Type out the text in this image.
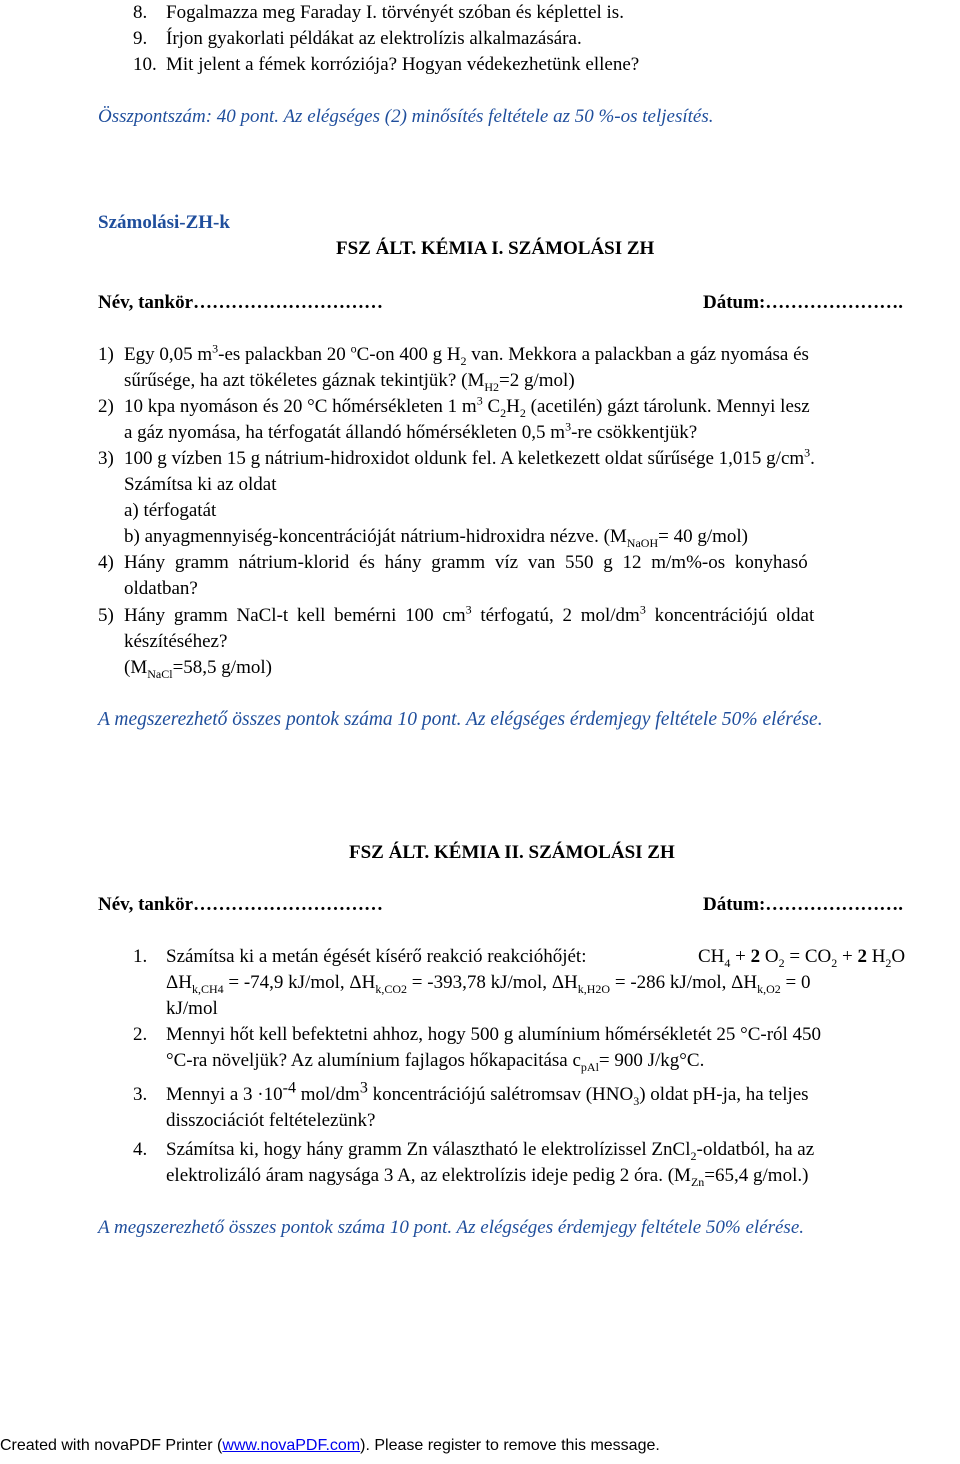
8. Fogalmazza meg Faraday I. törvényét szóban és képlettel is.
9. Írjon gyakorlati példákat az elektrolízis alkalmazására.
10. Mit jelent a fémek korróziója? Hogyan védekezhetünk ellene?
Összpontszám: 40 pont. Az elégséges (2) minősítés feltétele az 50 %-os teljesítés.
Számolási-ZH-k
FSZ ÁLT. KÉMIA I. SZÁMOLÁSI ZH
Név, tankör…………………………	Dátum:………………….
1) Egy 0,05 $m^3-es$ palackban 20 $^o$C-on 400 g $H_2$ van. Mekkora a palackban a gáz nyomása és
sűrűsége, ha azt tökéletes gáznak tekintjük? ($M_{H2}=2$ g/mol)
2) 10 kpa nyomáson és 20 °C hőmérsékleten 1 $m^3$ $C_2H_2$ (acetilén) gázt tárolunk. Mennyi lesz
a gáz nyomása, ha térfogatát állandó hőmérsékleten 0,5 $m^3-re$ csökkentjük?
3) 100 g vízben 15 g nátrium-hidroxidot oldunk fel. A keletkezett oldat sűrűsége 1,015 $g/cm^3$.
Számítsa ki az oldat
a) térfogatát
b) anyagmennyiség-koncentrációját nátrium-hidroxidra nézve. ($M_{NaOH}= 40$ g/mol)
4) Hány gramm nátrium-klorid és hány gramm víz van 550 g 12 m/m%-os konyhasó
oldatban?
5) Hány gramm NaCl-t kell bemérni 100 $cm^3$ térfogatú, 2 mol/$dm^3$ koncentrációjú oldat
készítéséhez?
($M_{NaCl}=58,5$ g/mol)
A megszerezhető összes pontok száma 10 pont. Az elégséges érdemjegy feltétele 50% elérése.
FSZ ÁLT. KÉMIA II. SZÁMOLÁSI ZH
Név, tankör…………………………	Dátum:………………….
1. Számítsa ki a metán égését kísérő reakció reakcióhőjét:	$CH_4 + 2$ $O_2 = CO_2 + 2$ $H_2O$
$\Delta H_{k,CH4} = -74,9$ kJ/mol, $\Delta H_{k,CO2} = -393,78$ kJ/mol, $\Delta H_{k,H2O} = -286$ kJ/mol, $\Delta H_{k,O2} = 0$
kJ/mol
2. Mennyi hőt kell befektetni ahhoz, hogy 500 g alumínium hőmérsékletét 25 °C-ról 450
°C-ra növeljük? Az alumínium fajlagos hőkapacitása $c_{pAl}= 900$ J/kg°C.
3. Mennyi a $3 \cdot 10^{-4}$ mol/$dm^3$ koncentrációjú salétromsav $(HNO_3)$ oldat pH-ja, ha teljes
disszociációt feltételezünk?
4. Számítsa ki, hogy hány gramm Zn választható le elektrolízissel ZnCl$_2$-oldatból, ha az
elektrolizáló áram nagysága 3 A, az elektrolízis ideje pedig 2 óra. ($M_{Zn}=65,4$ g/mol.)
A megszerezhető összes pontok száma 10 pont. Az elégséges érdemjegy feltétele 50% elérése.
Created with novaPDF Printer (www.novaPDF.com). Please register to remove this message.
